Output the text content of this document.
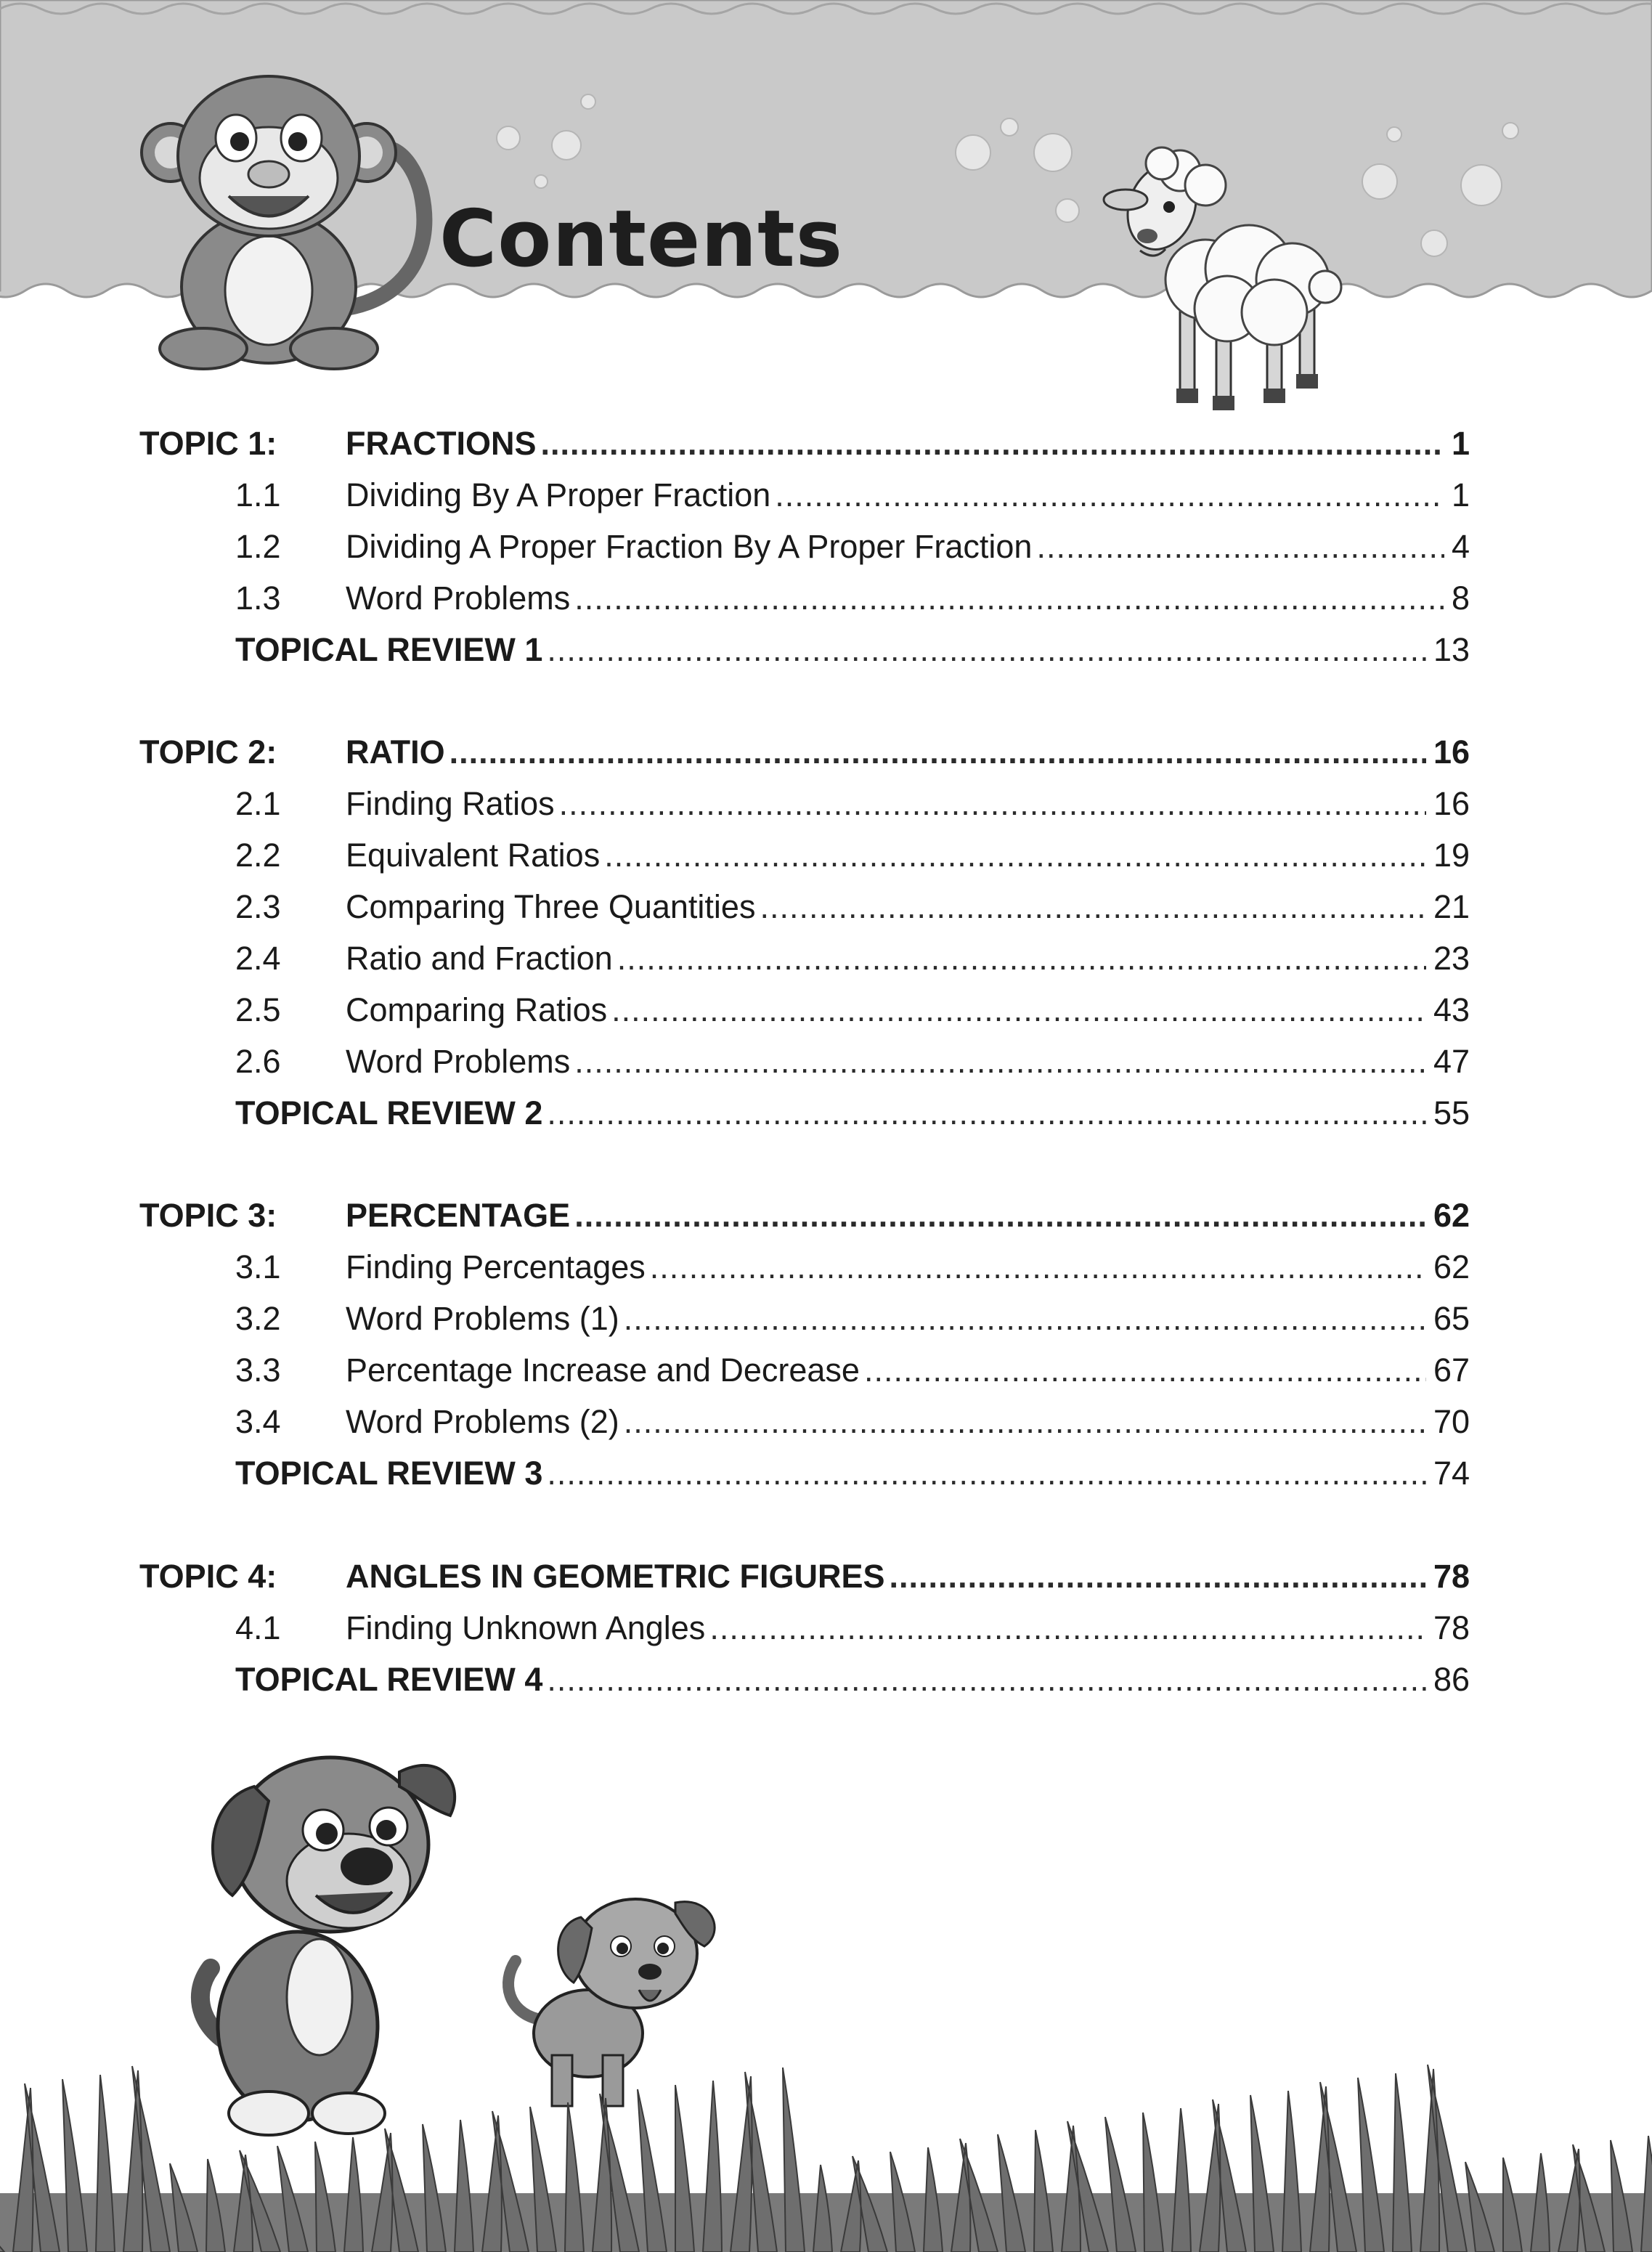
Contents
TOPIC 1: FRACTIONS .....	1
1.1 Dividing By A Proper Fraction .....	1
1.2 Dividing A Proper Fraction By A Proper Fraction .....	4
1.3 Word Problems .....	8
TOPICAL REVIEW 1 .....	13
TOPIC 2: RATIO .....	16
2.1 Finding Ratios .....	16
2.2 Equivalent Ratios .....	19
2.3 Comparing Three Quantities .....	21
2.4 Ratio and Fraction .....	23
2.5 Comparing Ratios .....	43
2.6 Word Problems .....	47
TOPICAL REVIEW 2 .....	55
TOPIC 3: PERCENTAGE .....	62
3.1 Finding Percentages .....	62
3.2 Word Problems (1) .....	65
3.3 Percentage Increase and Decrease .....	67
3.4 Word Problems (2) .....	70
TOPICAL REVIEW 3 .....	74
TOPIC 4: ANGLES IN GEOMETRIC FIGURES .....	78
4.1 Finding Unknown Angles .....	78
TOPICAL REVIEW 4 .....	86
